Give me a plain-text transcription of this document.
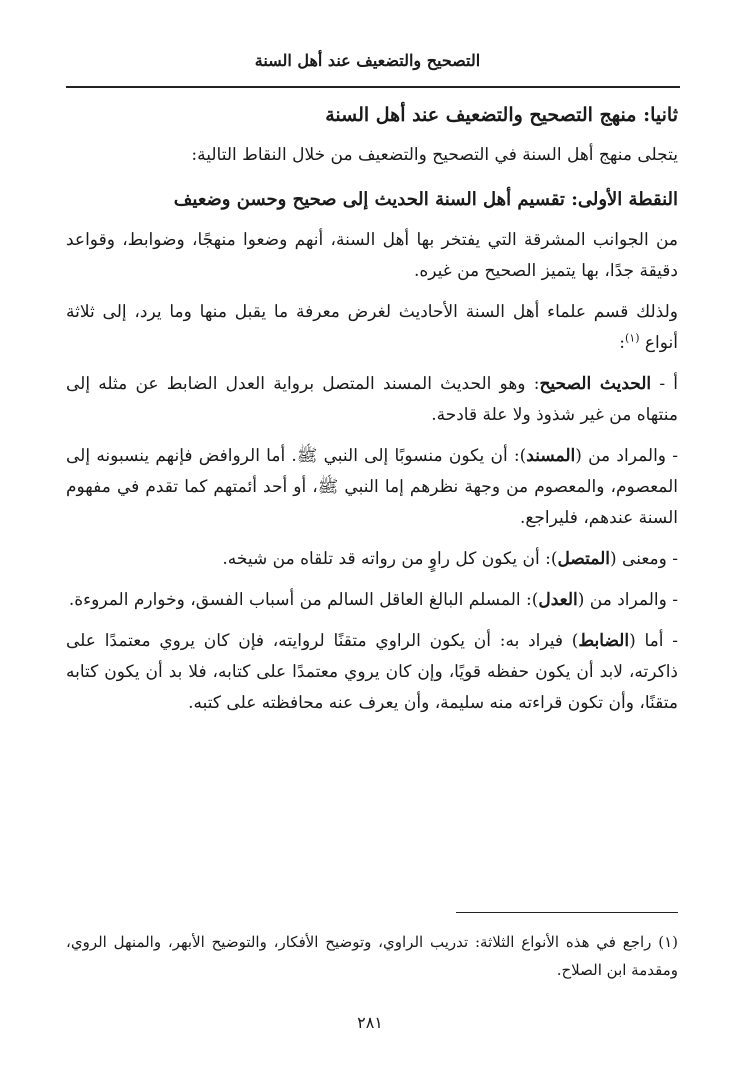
التصحيح والتضعيف عند أهل السنة

ثانيا: منهج التصحيح والتضعيف عند أهل السنة

يتجلى منهج أهل السنة في التصحيح والتضعيف من خلال النقاط التالية:

النقطة الأولى: تقسيم أهل السنة الحديث إلى صحيح وحسن وضعيف

من الجوانب المشرقة التي يفتخر بها أهل السنة، أنهم وضعوا منهجًا، وضوابط، وقواعد دقيقة جدًا، بها يتميز الصحيح من غيره.

ولذلك قسم علماء أهل السنة الأحاديث لغرض معرفة ما يقبل منها وما يرد، إلى ثلاثة أنواع $^{(١)}$:

أ - الحديث الصحيح: وهو الحديث المسند المتصل برواية العدل الضابط عن مثله إلى منتهاه من غير شذوذ ولا علة قادحة.

- والمراد من (المسند): أن يكون منسوبًا إلى النبي ﷺ. أما الروافض فإنهم ينسبونه إلى المعصوم، والمعصوم من وجهة نظرهم إما النبي ﷺ، أو أحد أئمتهم كما تقدم في مفهوم السنة عندهم، فليراجع.

- ومعنى (المتصل): أن يكون كل راوٍ من رواته قد تلقاه من شيخه.

- والمراد من (العدل): المسلم البالغ العاقل السالم من أسباب الفسق، وخوارم المروءة.

- أما (الضابط) فيراد به: أن يكون الراوي متقنًا لروايته، فإن كان يروي معتمدًا على ذاكرته، لابد أن يكون حفظه قويًا، وإن كان يروي معتمدًا على كتابه، فلا بد أن يكون كتابه متقنًا، وأن تكون قراءته منه سليمة، وأن يعرف عنه محافظته على كتبه.

(١) راجع في هذه الأنواع الثلاثة: تدريب الراوي، وتوضيح الأفكار، والتوضيح الأبهر، والمنهل الروي، ومقدمة ابن الصلاح.
٢٨١
